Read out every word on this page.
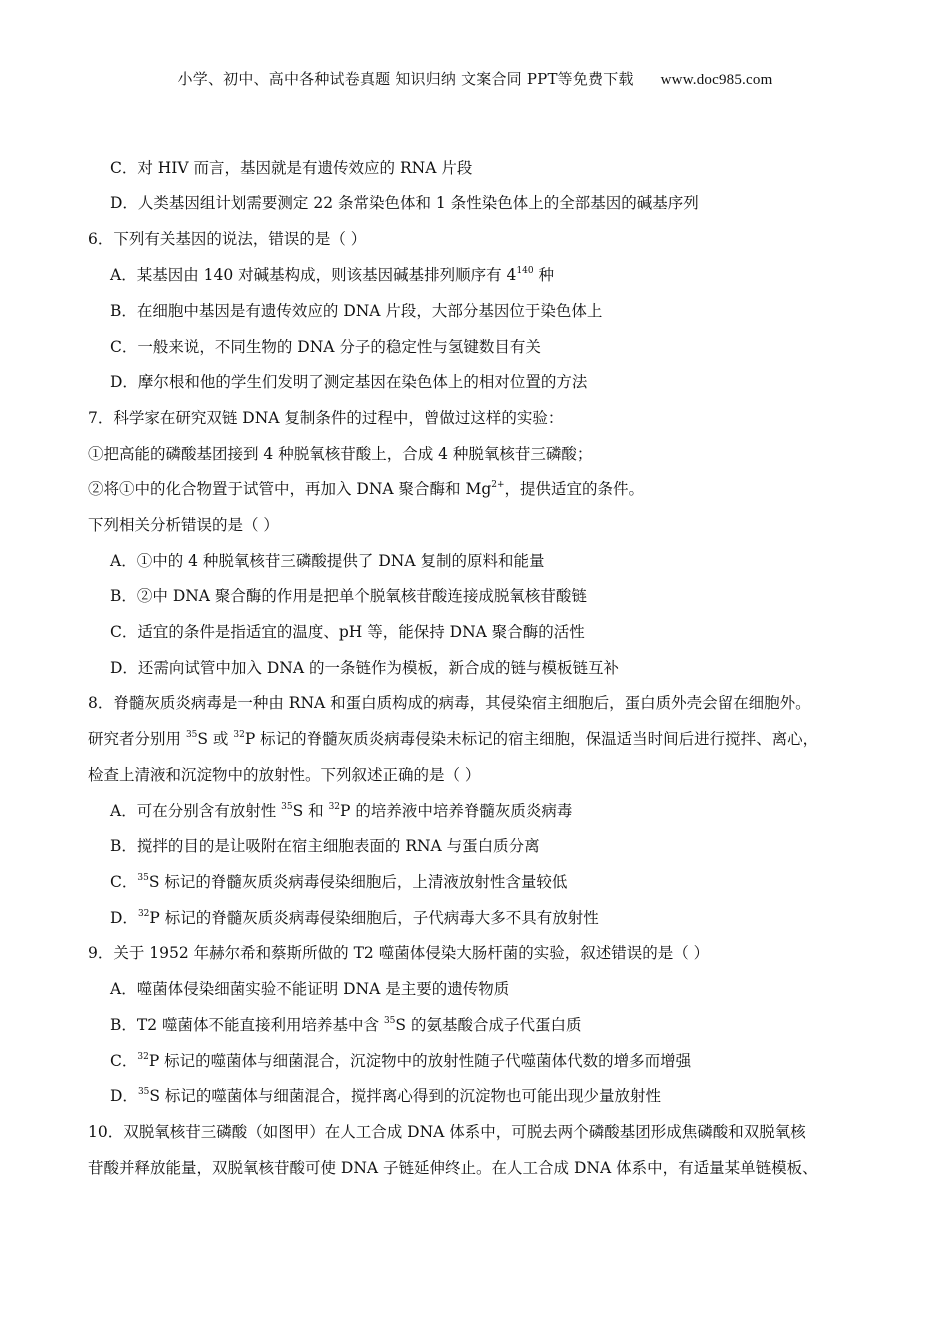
小学、初中、高中各种试卷真题 知识归纳 文案合同 PPT等免费下载 www.doc985.com
C．对 HIV 而言，基因就是有遗传效应的 RNA 片段
D．人类基因组计划需要测定 22 条常染色体和 1 条性染色体上的全部基因的碱基序列
6．下列有关基因的说法，错误的是（ ）
A．某基因由 140 对碱基构成，则该基因碱基排列顺序有 $4^{140}$ 种
B．在细胞中基因是有遗传效应的 DNA 片段，大部分基因位于染色体上
C．一般来说，不同生物的 DNA 分子的稳定性与氢键数目有关
D．摩尔根和他的学生们发明了测定基因在染色体上的相对位置的方法
7．科学家在研究双链 DNA 复制条件的过程中，曾做过这样的实验：
①把高能的磷酸基团接到 4 种脱氧核苷酸上，合成 4 种脱氧核苷三磷酸；
②将①中的化合物置于试管中，再加入 DNA 聚合酶和 $Mg^{2+}$，提供适宜的条件。
下列相关分析错误的是（ ）
A．①中的 4 种脱氧核苷三磷酸提供了 DNA 复制的原料和能量
B．②中 DNA 聚合酶的作用是把单个脱氧核苷酸连接成脱氧核苷酸链
C．适宜的条件是指适宜的温度、pH 等，能保持 DNA 聚合酶的活性
D．还需向试管中加入 DNA 的一条链作为模板，新合成的链与模板链互补
8．脊髓灰质炎病毒是一种由 RNA 和蛋白质构成的病毒，其侵染宿主细胞后，蛋白质外壳会留在细胞外。
研究者分别用 $^{35}$S 或 $^{32}$P 标记的脊髓灰质炎病毒侵染未标记的宿主细胞，保温适当时间后进行搅拌、离心，
检查上清液和沉淀物中的放射性。下列叙述正确的是（ ）
A．可在分别含有放射性 $^{35}$S 和 $^{32}$P 的培养液中培养脊髓灰质炎病毒
B．搅拌的目的是让吸附在宿主细胞表面的 RNA 与蛋白质分离
C．$^{35}$S 标记的脊髓灰质炎病毒侵染细胞后，上清液放射性含量较低
D．$^{32}$P 标记的脊髓灰质炎病毒侵染细胞后，子代病毒大多不具有放射性
9．关于 1952 年赫尔希和蔡斯所做的 T2 噬菌体侵染大肠杆菌的实验，叙述错误的是（ ）
A．噬菌体侵染细菌实验不能证明 DNA 是主要的遗传物质
B．T2 噬菌体不能直接利用培养基中含 $^{35}$S 的氨基酸合成子代蛋白质
C．$^{32}$P 标记的噬菌体与细菌混合，沉淀物中的放射性随子代噬菌体代数的增多而增强
D．$^{35}$S 标记的噬菌体与细菌混合，搅拌离心得到的沉淀物也可能出现少量放射性
10．双脱氧核苷三磷酸（如图甲）在人工合成 DNA 体系中，可脱去两个磷酸基团形成焦磷酸和双脱氧核
苷酸并释放能量，双脱氧核苷酸可使 DNA 子链延伸终止。在人工合成 DNA 体系中，有适量某单链模板、
